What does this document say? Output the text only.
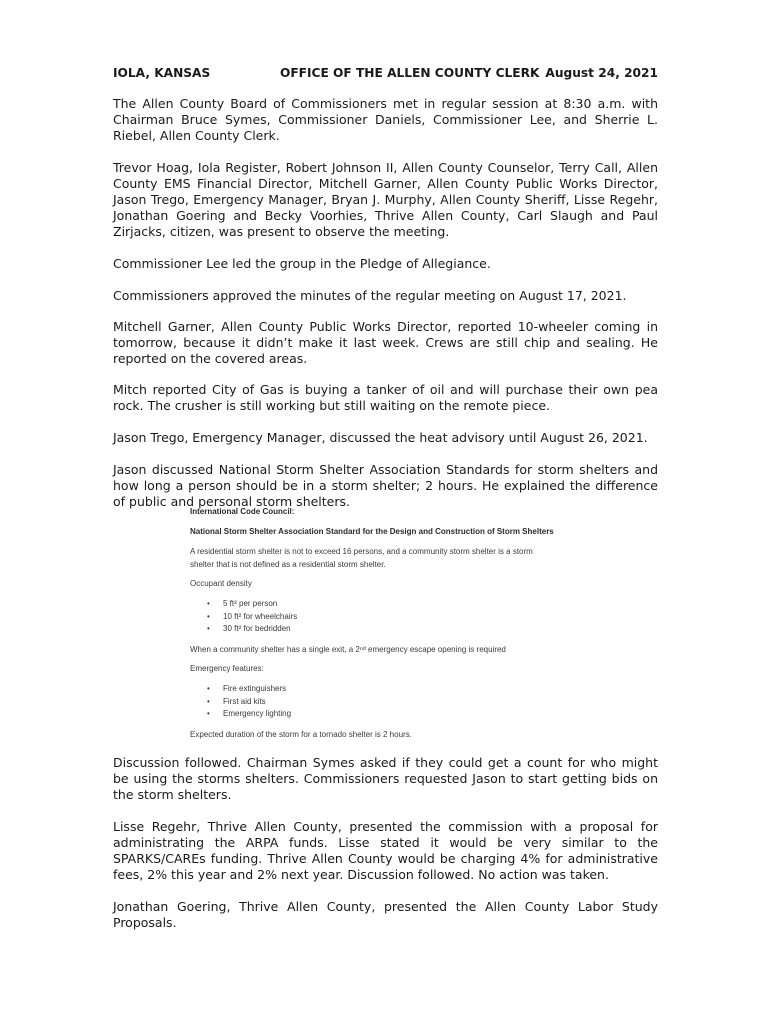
IOLA, KANSAS	OFFICE OF THE ALLEN COUNTY CLERK August 24, 2021

The Allen County Board of Commissioners met in regular session at 8:30 a.m. with Chairman Bruce Symes, Commissioner Daniels, Commissioner Lee, and Sherrie L. Riebel, Allen County Clerk.

Trevor Hoag, Iola Register, Robert Johnson II, Allen County Counselor, Terry Call, Allen County EMS Financial Director, Mitchell Garner, Allen County Public Works Director, Jason Trego, Emergency Manager, Bryan J. Murphy, Allen County Sheriff, Lisse Regehr, Jonathan Goering and Becky Voorhies, Thrive Allen County, Carl Slaugh and Paul Zirjacks, citizen, was present to observe the meeting.

Commissioner Lee led the group in the Pledge of Allegiance.

Commissioners approved the minutes of the regular meeting on August 17, 2021.

Mitchell Garner, Allen County Public Works Director, reported 10-wheeler coming in tomorrow, because it didn’t make it last week. Crews are still chip and sealing. He reported on the covered areas.

Mitch reported City of Gas is buying a tanker of oil and will purchase their own pea rock. The crusher is still working but still waiting on the remote piece.

Jason Trego, Emergency Manager, discussed the heat advisory until August 26, 2021.

Jason discussed National Storm Shelter Association Standards for storm shelters and how long a person should be in a storm shelter; 2 hours. He explained the difference of public and personal storm shelters.

International Code Council:
National Storm Shelter Association Standard for the Design and Construction of Storm Shelters
A residential storm shelter is not to exceed 16 persons, and a community storm shelter is a storm
shelter that is not defined as a residential storm shelter.
Occupant density
• 5 ft² per person
• 10 ft² for wheelchairs
• 30 ft² for bedridden
When a community shelter has a single exit, a 2ⁿᵈ emergency escape opening is required
Emergency features:
• Fire extinguishers
• First aid kits
• Emergency lighting
Expected duration of the storm for a tornado shelter is 2 hours.

Discussion followed. Chairman Symes asked if they could get a count for who might be using the storms shelters. Commissioners requested Jason to start getting bids on the storm shelters.

Lisse Regehr, Thrive Allen County, presented the commission with a proposal for administrating the ARPA funds. Lisse stated it would be very similar to the SPARKS/CAREs funding. Thrive Allen County would be charging 4% for administrative fees, 2% this year and 2% next year. Discussion followed. No action was taken.

Jonathan Goering, Thrive Allen County, presented the Allen County Labor Study Proposals.
